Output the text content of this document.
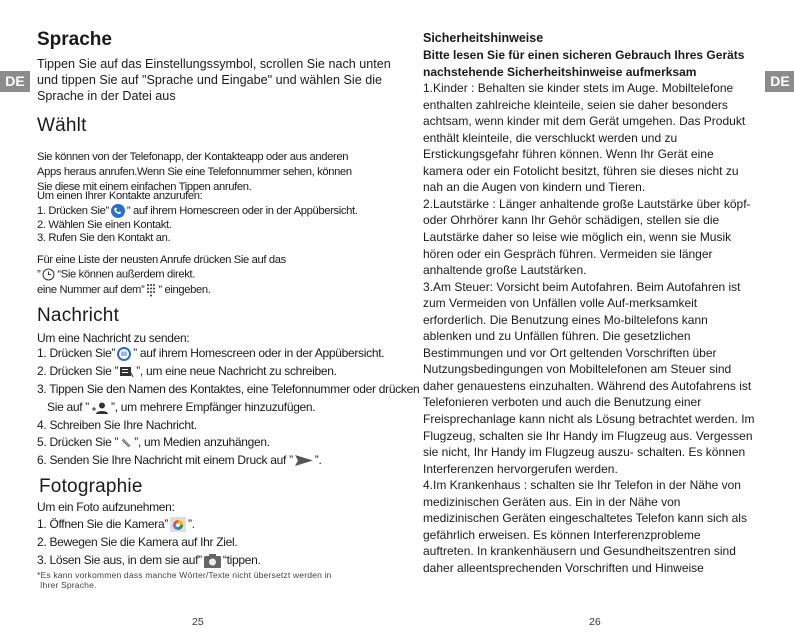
DE
Sprache
Tippen Sie auf das Einstellungssymbol, scrollen Sie nach unten
und tippen Sie auf "Sprache und Eingabe" und wählen Sie die
Sprache in der Datei aus
Wählt
Sie können von der Telefonapp, der Kontakteapp oder aus anderen
Apps heraus anrufen.Wenn Sie eine Telefonnummer sehen, können
Sie diese mit einem einfachen Tippen anrufen.
Um einen Ihrer Kontakte anzurufen:
1. Drücken Sie” ” auf ihrem Homescreen oder in der Appübersicht.
2. Wählen Sie einen Kontakt.
3. Rufen Sie den Kontakt an.
Für eine Liste der neusten Anrufe drücken Sie auf das
” “Sie können außerdem direkt.
eine Nummer auf dem” ” eingeben.
Nachricht
Um eine Nachricht zu senden:
1. Drücken Sie” ” auf ihrem Homescreen oder in der Appübersicht.
2. Drücken Sie ” ”, um eine neue Nachricht zu schreiben.
3. Tippen Sie den Namen des Kontaktes, eine Telefonnummer oder drücken
Sie auf ” ”, um mehrere Empfänger hinzuzufügen.
4. Schreiben Sie Ihre Nachricht.
5. Drücken Sie ” ”, um Medien anzuhängen.
6. Senden Sie Ihre Nachricht mit einem Druck auf ” ”.
Fotographie
Um ein Foto aufzunehmen:
1. Öffnen Sie die Kamera” ”.
2. Bewegen Sie die Kamera auf Ihr Ziel.
3. Lösen Sie aus, in dem sie auf” “tippen.
*Es kann vorkommen dass manche Wörter/Texte nicht übersetzt werden in
Ihrer Sprache.
25
DE
Sicherheitshinweise
Bitte lesen Sie für einen sicheren Gebrauch Ihres Geräts
nachstehende Sicherheitshinweise aufmerksam
1.Kinder : Behalten sie kinder stets im Auge. Mobiltelefone
enthalten zahlreiche kleinteile, seien sie daher besonders
achtsam, wenn kinder mit dem Gerät umgehen. Das Produkt
enthält kleinteile, die verschluckt werden und zu
Erstickungsgefahr führen können. Wenn Ihr Gerät eine
kamera oder ein Fotolicht besitzt, führen sie dieses nicht zu
nah an die Augen von kindern und Tieren.
2.Lautstärke : Länger anhaltende große Lautstärke über köpf-
oder Ohrhörer kann Ihr Gehör schädigen, stellen sie die
Lautstärke daher so leise wie möglich ein, wenn sie Musik
hören oder ein Gespräch führen. Vermeiden sie länger
anhaltende große Lautstärken.
3.Am Steuer: Vorsicht beim Autofahren. Beim Autofahren ist
zum Vermeiden von Unfällen volle Auf-merksamkeit
erforderlich. Die Benutzung eines Mo-biltelefons kann
ablenken und zu Unfällen führen. Die gesetzlichen
Bestimmungen und vor Ort geltenden Vorschriften über
Nutzungsbedingungen von Mobiltelefonen am Steuer sind
daher genauestens einzuhalten. Während des Autofahrens ist
Telefonieren verboten und auch die Benutzung einer
Freisprechanlage kann nicht als Lösung betrachtet werden. Im
Flugzeug, schalten sie Ihr Handy im Flugzeug aus. Vergessen
sie nicht, Ihr Handy im Flugzeug auszu- schalten. Es können
Interferenzen hervorgerufen werden.
4.Im Krankenhaus : schalten sie Ihr Telefon in der Nähe von
medizinischen Geräten aus. Ein in der Nähe von
medizinischen Geräten eingeschaltetes Telefon kann sich als
gefährlich erweisen. Es können Interferenzprobleme
auftreten. In krankenhäusern und Gesundheitszentren sind
daher alleentsprechenden Vorschriften und Hinweise
26
